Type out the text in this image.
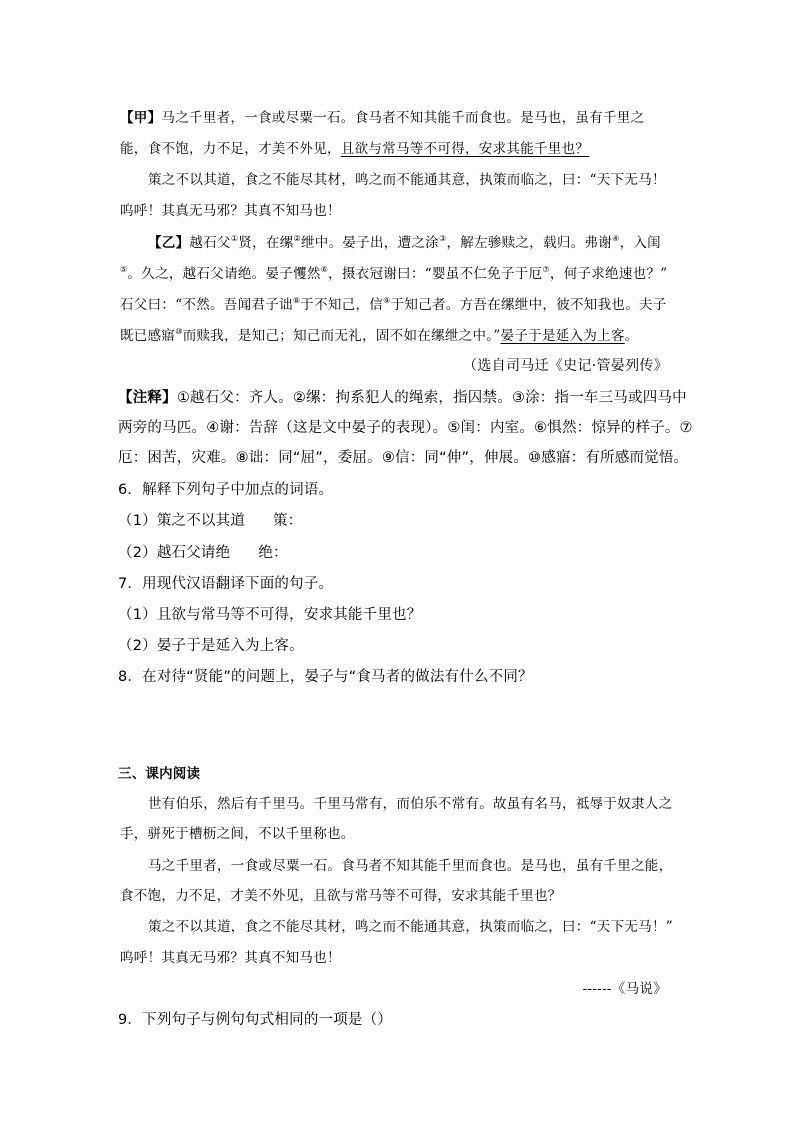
【甲】马之千里者，一食或尽粟一石。食马者不知其能千而食也。是马也，虽有千里之
能，食不饱，力不足，才美不外见，且欲与常马等不可得，安求其能千里也？
策之不以其道，食之不能尽其材，鸣之而不能通其意，执策而临之，曰：“天下无马！
呜呼！其真无马邪？其真不知马也！
【乙】越石父①贤，在缧②绁中。晏子出，遭之涂③，解左骖赎之，载归。弗谢④，入闺
⑤。久之，越石父请绝。晏子戄然⑥，摄衣冠谢曰：“婴虽不仁免子于厄⑦，何子求绝速也？”
石父曰：“不然。吾闻君子诎⑧于不知己，信⑨于知己者。方吾在缧绁中，彼不知我也。夫子
既已感寤⑩而赎我，是知己；知己而无礼，固不如在缧绁之中。”晏子于是延入为上客。
（选自司马迁《史记·管晏列传》
【注释】①越石父：齐人。②缧：拘系犯人的绳索，指囚禁。③涂：指一车三马或四马中
两旁的马匹。④谢：告辞（这是文中晏子的表现）。⑤闺：内室。⑥惧然：惊异的样子。⑦
厄：困苦，灾难。⑧诎：同“屈”，委屈。⑨信：同“伸”，伸展。⑩感寤：有所感而觉悟。
6．解释下列句子中加点的词语。
（1）策之不以其道 策：
（2）越石父请绝 绝：
7．用现代汉语翻译下面的句子。
（1）且欲与常马等不可得，安求其能千里也？
（2）晏子于是延入为上客。
8．在对待“贤能”的问题上，晏子与“食马者的做法有什么不同？
三、课内阅读
世有伯乐，然后有千里马。千里马常有，而伯乐不常有。故虽有名马，祗辱于奴隶人之
手，骈死于槽枥之间，不以千里称也。
马之千里者，一食或尽粟一石。食马者不知其能千里而食也。是马也，虽有千里之能，
食不饱，力不足，才美不外见，且欲与常马等不可得，安求其能千里也？
策之不以其道，食之不能尽其材，鸣之而不能通其意，执策而临之，曰：“天下无马！”
呜呼！其真无马邪？其真不知马也！
------《马说》
9．下列句子与例句句式相同的一项是（）
